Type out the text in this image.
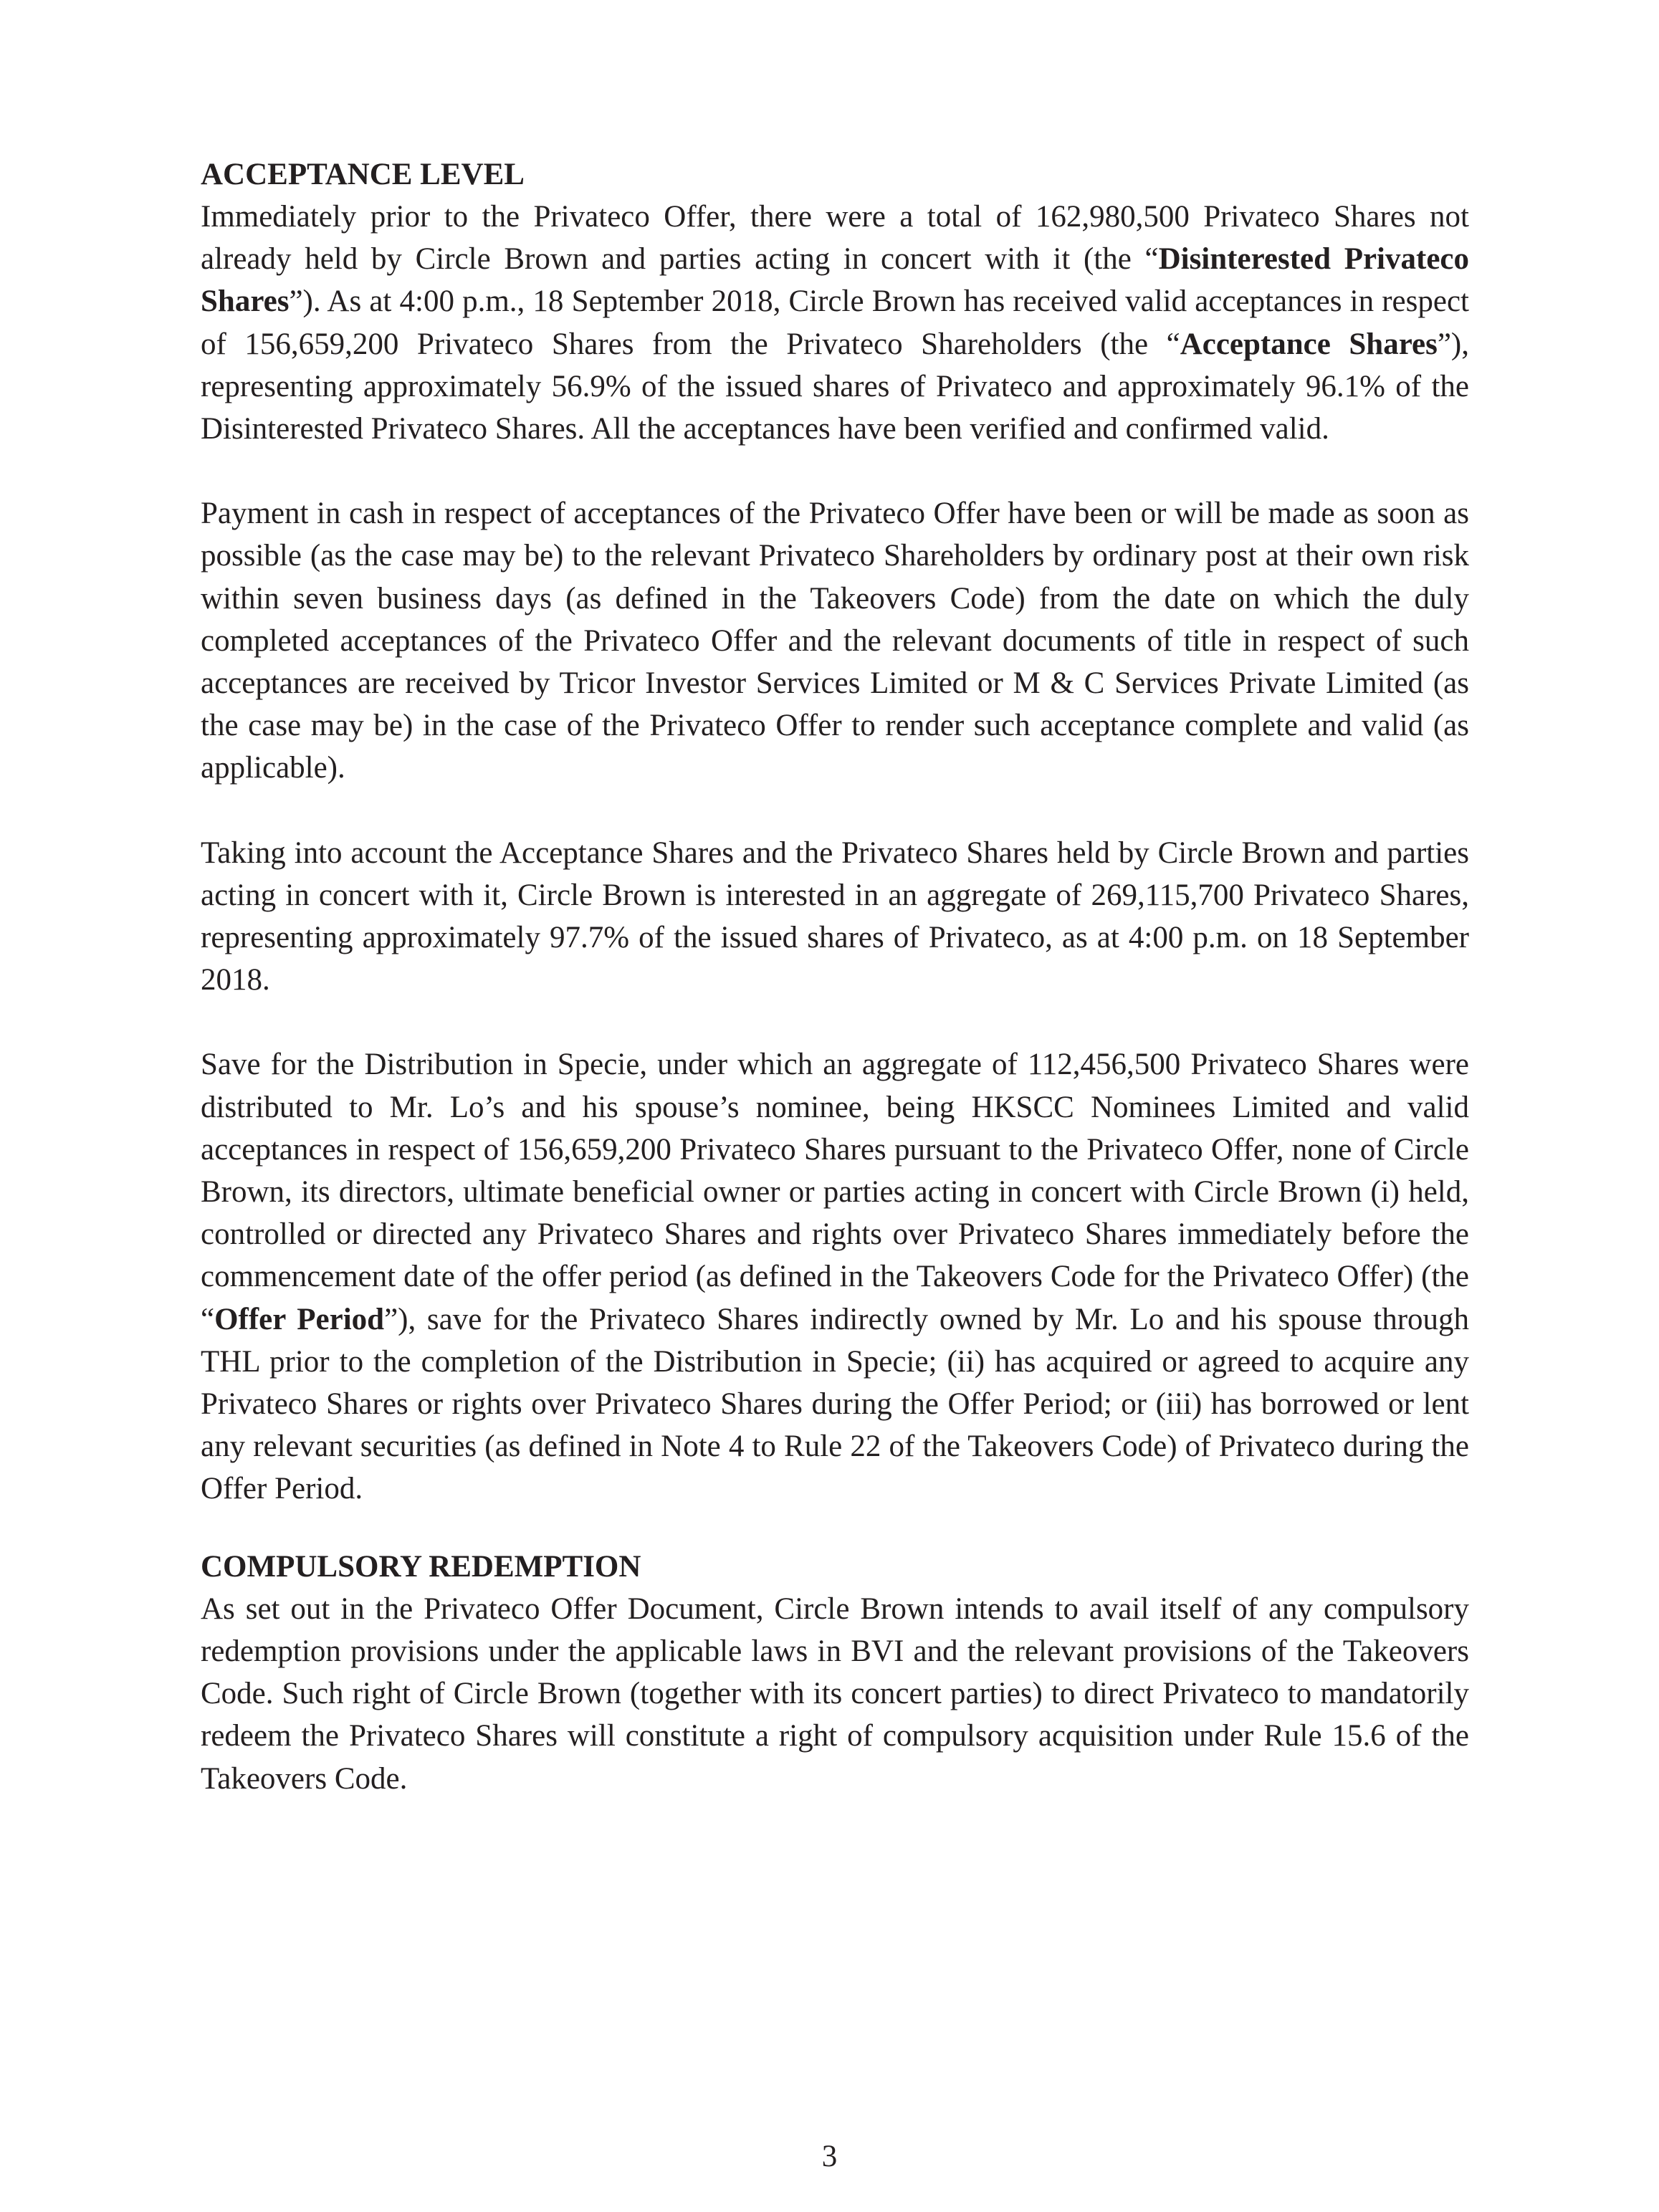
ACCEPTANCE LEVEL

Immediately prior to the Privateco Offer, there were a total of 162,980,500 Privateco Shares not already held by Circle Brown and parties acting in concert with it (the “Disinterested Privateco Shares”). As at 4:00 p.m., 18 September 2018, Circle Brown has received valid acceptances in respect of 156,659,200 Privateco Shares from the Privateco Shareholders (the “Acceptance Shares”), representing approximately 56.9% of the issued shares of Privateco and approximately 96.1% of the Disinterested Privateco Shares. All the acceptances have been verified and confirmed valid.

Payment in cash in respect of acceptances of the Privateco Offer have been or will be made as soon as possible (as the case may be) to the relevant Privateco Shareholders by ordinary post at their own risk within seven business days (as defined in the Takeovers Code) from the date on which the duly completed acceptances of the Privateco Offer and the relevant documents of title in respect of such acceptances are received by Tricor Investor Services Limited or M & C Services Private Limited (as the case may be) in the case of the Privateco Offer to render such acceptance complete and valid (as applicable).

Taking into account the Acceptance Shares and the Privateco Shares held by Circle Brown and parties acting in concert with it, Circle Brown is interested in an aggregate of 269,115,700 Privateco Shares, representing approximately 97.7% of the issued shares of Privateco, as at 4:00 p.m. on 18 September 2018.

Save for the Distribution in Specie, under which an aggregate of 112,456,500 Privateco Shares were distributed to Mr. Lo’s and his spouse’s nominee, being HKSCC Nominees Limited and valid acceptances in respect of 156,659,200 Privateco Shares pursuant to the Privateco Offer, none of Circle Brown, its directors, ultimate beneficial owner or parties acting in concert with Circle Brown (i) held, controlled or directed any Privateco Shares and rights over Privateco Shares immediately before the commencement date of the offer period (as defined in the Takeovers Code for the Privateco Offer) (the “Offer Period”), save for the Privateco Shares indirectly owned by Mr. Lo and his spouse through THL prior to the completion of the Distribution in Specie; (ii) has acquired or agreed to acquire any Privateco Shares or rights over Privateco Shares during the Offer Period; or (iii) has borrowed or lent any relevant securities (as defined in Note 4 to Rule 22 of the Takeovers Code) of Privateco during the Offer Period.

COMPULSORY REDEMPTION

As set out in the Privateco Offer Document, Circle Brown intends to avail itself of any compulsory redemption provisions under the applicable laws in BVI and the relevant provisions of the Takeovers Code. Such right of Circle Brown (together with its concert parties) to direct Privateco to mandatorily redeem the Privateco Shares will constitute a right of compulsory acquisition under Rule 15.6 of the Takeovers Code.

3
